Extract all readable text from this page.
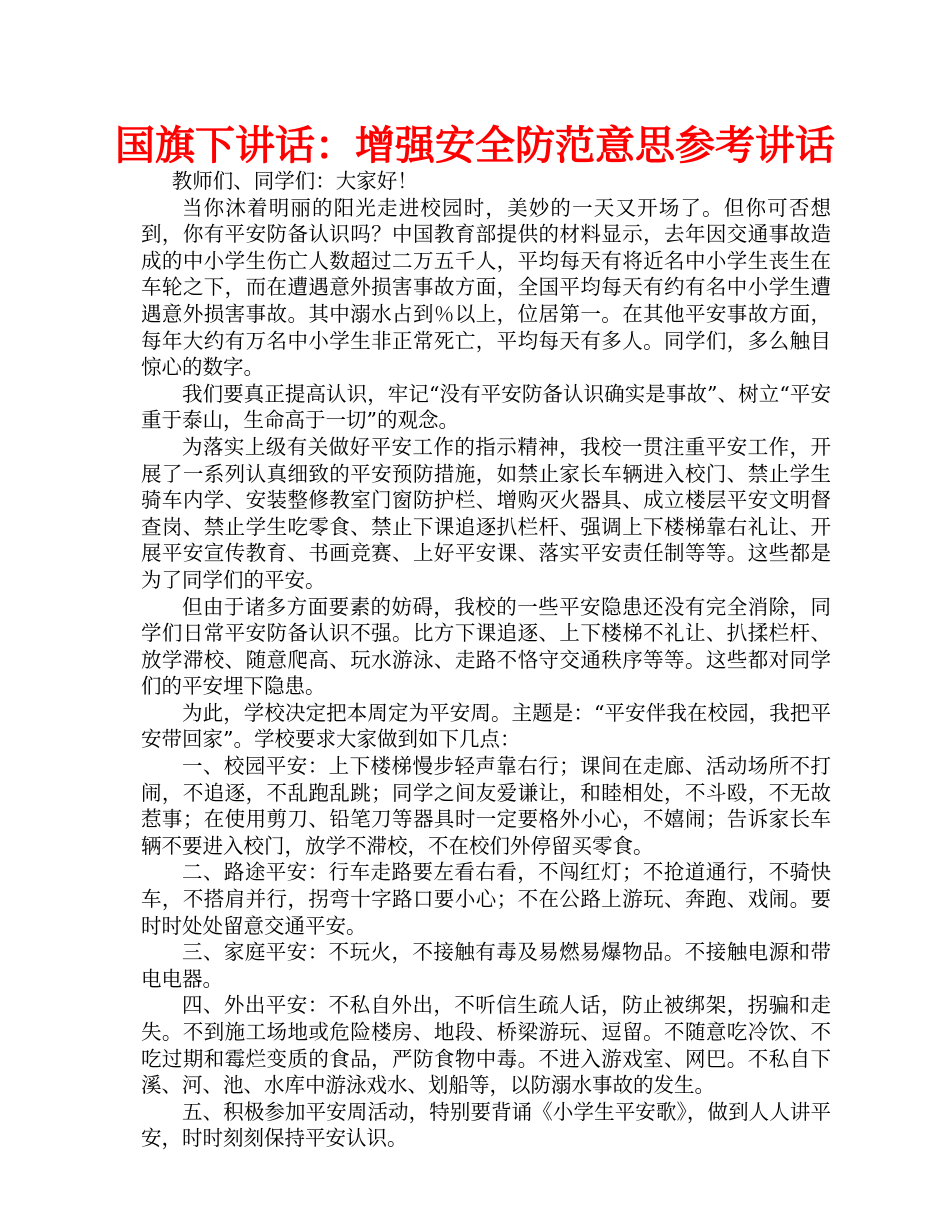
国旗下讲话：增强安全防范意思参考讲话

教师们、同学们：大家好！

当你沐着明丽的阳光走进校园时，美妙的一天又开场了。但你可否想到，你有平安防备认识吗？中国教育部提供的材料显示，去年因交通事故造成的中小学生伤亡人数超过二万五千人，平均每天有将近名中小学生丧生在车轮之下，而在遭遇意外损害事故方面，全国平均每天有约有名中小学生遭遇意外损害事故。其中溺水占到％以上，位居第一。在其他平安事故方面，每年大约有万名中小学生非正常死亡，平均每天有多人。同学们，多么触目惊心的数字。

我们要真正提高认识，牢记“没有平安防备认识确实是事故”、树立“平安重于泰山，生命高于一切”的观念。

为落实上级有关做好平安工作的指示精神，我校一贯注重平安工作，开展了一系列认真细致的平安预防措施，如禁止家长车辆进入校门、禁止学生骑车内学、安装整修教室门窗防护栏、增购灭火器具、成立楼层平安文明督查岗、禁止学生吃零食、禁止下课追逐扒栏杆、强调上下楼梯靠右礼让、开展平安宣传教育、书画竞赛、上好平安课、落实平安责任制等等。这些都是为了同学们的平安。

但由于诸多方面要素的妨碍，我校的一些平安隐患还没有完全消除，同学们日常平安防备认识不强。比方下课追逐、上下楼梯不礼让、扒揉栏杆、放学滞校、随意爬高、玩水游泳、走路不恪守交通秩序等等。这些都对同学们的平安埋下隐患。

为此，学校决定把本周定为平安周。主题是：“平安伴我在校园，我把平安带回家”。学校要求大家做到如下几点：

一、校园平安：上下楼梯慢步轻声靠右行；课间在走廊、活动场所不打闹，不追逐，不乱跑乱跳；同学之间友爱谦让，和睦相处，不斗殴，不无故惹事；在使用剪刀、铅笔刀等器具时一定要格外小心，不嬉闹；告诉家长车辆不要进入校门，放学不滞校，不在校们外停留买零食。

二、路途平安：行车走路要左看右看，不闯红灯；不抢道通行，不骑快车，不搭肩并行，拐弯十字路口要小心；不在公路上游玩、奔跑、戏闹。要时时处处留意交通平安。

三、家庭平安：不玩火，不接触有毒及易燃易爆物品。不接触电源和带电电器。

四、外出平安：不私自外出，不听信生疏人话，防止被绑架，拐骗和走失。不到施工场地或危险楼房、地段、桥梁游玩、逗留。不随意吃冷饮、不吃过期和霉烂变质的食品，严防食物中毒。不进入游戏室、网巴。不私自下溪、河、池、水库中游泳戏水、划船等，以防溺水事故的发生。

五、积极参加平安周活动，特别要背诵《小学生平安歌》，做到人人讲平安，时时刻刻保持平安认识。
